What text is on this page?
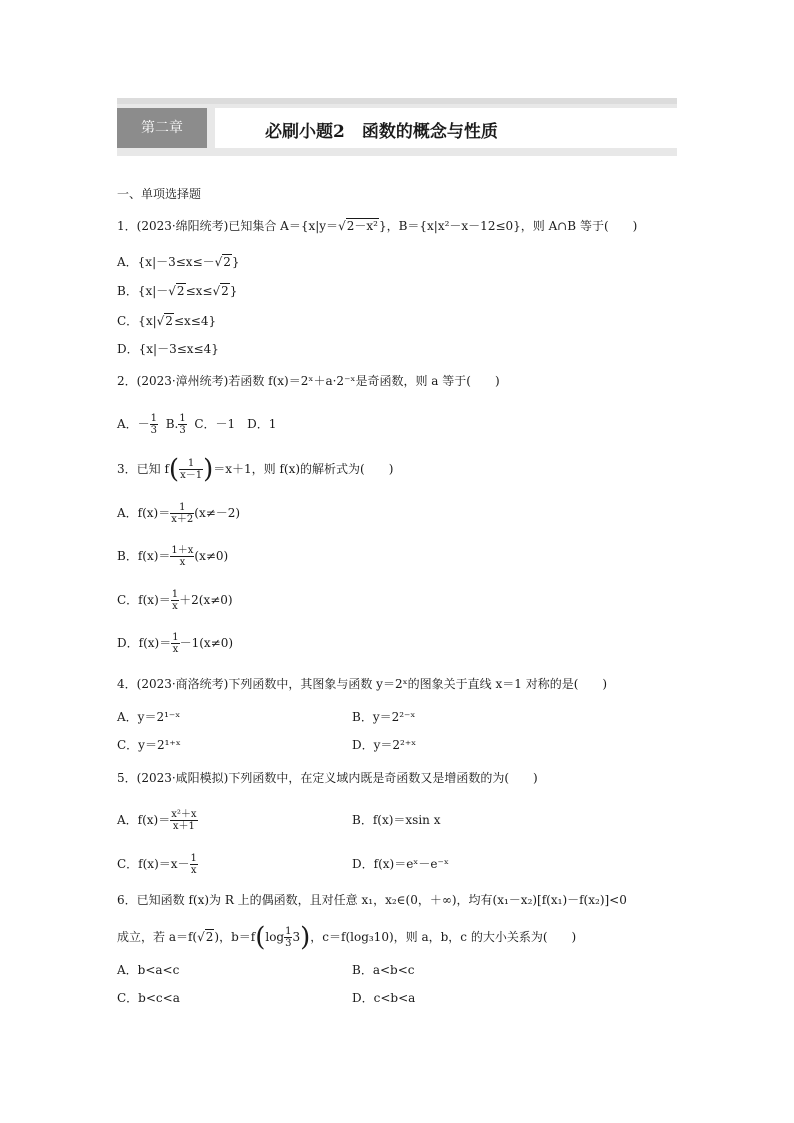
第二章	必刷小题2　函数的概念与性质
一、单项选择题
1．(2023·绵阳统考)已知集合 A＝{x|y＝√2－x²}，B＝{x|x²－x－12≤0}，则 A∩B 等于(　　)
A．{x|－3≤x≤－√2}
B．{x|－√2≤x≤√2}
C．{x|√2≤x≤4}
D．{x|－3≤x≤4}
2．(2023·漳州统考)若函数 f(x)＝2ˣ＋a·2⁻ˣ是奇函数，则 a 等于(　　)
A．－ $\frac{1}{3} B$. $\frac{1}{3}$ C．－1　D．1
3．已知 $f( \frac{1}{x-1} )=x+1$，则 f(x)的解析式为(　　)
A．$f(x)= \frac{1}{x+2} (x\ne-2)$
B．$f(x)= \frac{1+x}{x} (x\ne 0)$
C．$f(x)= \frac{1}{x} +2(x\ne 0)$
D．$f(x)= \frac{1}{x} -1(x\ne 0)$
4．(2023·商洛统考)下列函数中，其图象与函数 y＝2ˣ的图象关于直线 x＝1 对称的是(　　)
A．y＝2¹⁻ˣ	B．y＝2²⁻ˣ
C．y＝2¹⁺ˣ	D．y＝2²⁺ˣ
5．(2023·咸阳模拟)下列函数中，在定义域内既是奇函数又是增函数的为(　　)
A．$f(x)= \frac{\text{x²＋x}}{x+1}$	B．f(x)＝xsin x
C．$f(x)=x- \frac{1}{x}$	D．f(x)＝eˣ－e⁻ˣ
6．已知函数 f(x)为 R 上的偶函数，且对任意 x₁，x₂∈(0，＋∞)，均有(x₁－x₂)[f(x₁)－f(x₂)]<0
成立，若 a＝f(√2)，$b=f(\log \frac{1}{3} 3)$，c＝f(log₃10)，则 a，b，c 的大小关系为(　　)
A．b<a<c	B．a<b<c
C．b<c<a	D．c<b<a
